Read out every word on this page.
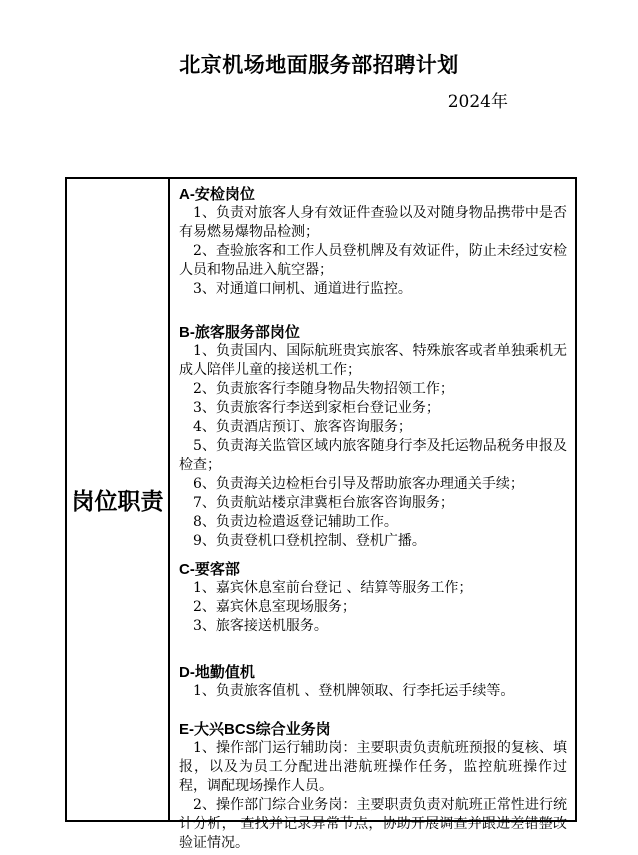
北京机场地面服务部招聘计划
2024年
岗位职责
A-安检岗位

1、负责对旅客人身有效证件查验以及对随身物品携带中是否有易燃易爆物品检测；

2、查验旅客和工作人员登机牌及有效证件，防止未经过安检人员和物品进入航空器；

3、对通道口闸机、通道进行监控。

B-旅客服务部岗位

1、负责国内、国际航班贵宾旅客、特殊旅客或者单独乘机无成人陪伴儿童的接送机工作；

2、负责旅客行李随身物品失物招领工作；

3、负责旅客行李送到家柜台登记业务；

4、负责酒店预订、旅客咨询服务；

5、负责海关监管区域内旅客随身行李及托运物品税务申报及检查；

6、负责海关边检柜台引导及帮助旅客办理通关手续；

7、负责航站楼京津冀柜台旅客咨询服务；

8、负责边检遣返登记辅助工作。

9、负责登机口登机控制、登机广播。

C-要客部

1、嘉宾休息室前台登记 、结算等服务工作；

2、嘉宾休息室现场服务；

3、旅客接送机服务。

D-地勤值机

1、负责旅客值机 、登机牌领取、行李托运手续等。

E-大兴BCS综合业务岗

1、操作部门运行辅助岗：主要职责负责航班预报的复核、填报，以及为员工分配进出港航班操作任务，监控航班操作过程，调配现场操作人员。

2、操作部门综合业务岗：主要职责负责对航班正常性进行统计分析， 查找并记录异常节点，协助开展调查并跟进差错整改验证情况。
